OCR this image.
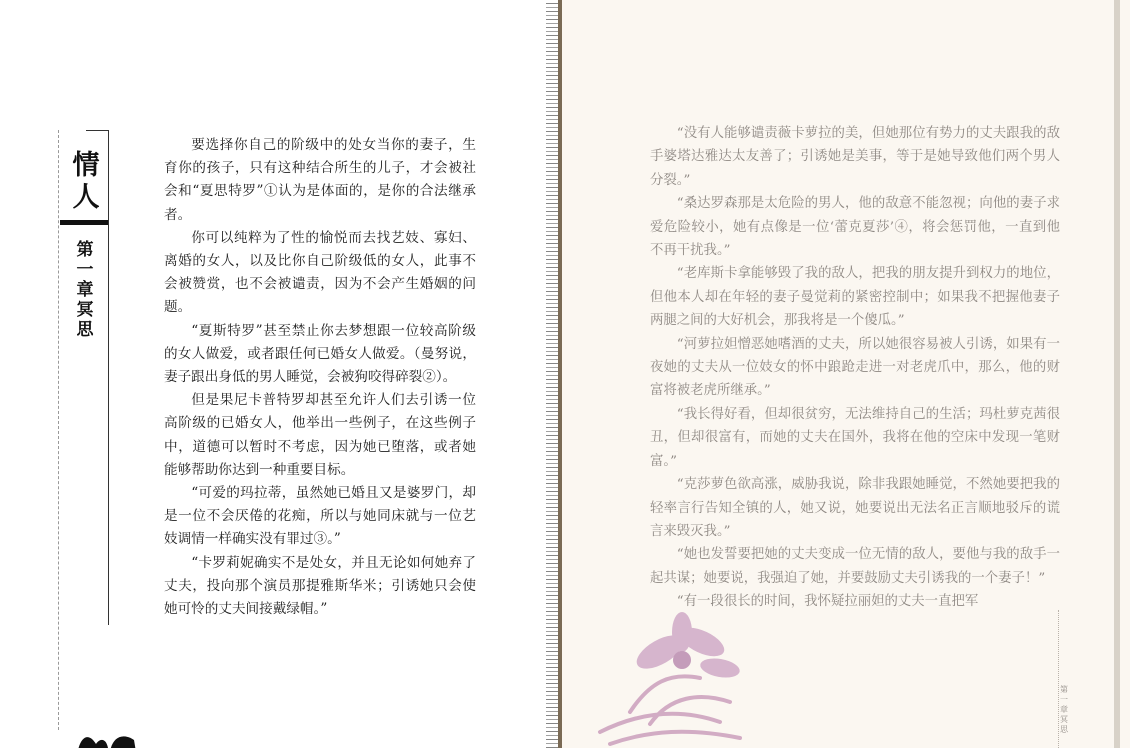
情人
第一章 冥思

要选择你自己的阶级中的处女当你的妻子，生育你的孩子，只有这种结合所生的儿子，才会被社会和“夏思特罗”①认为是体面的，是你的合法继承者。

你可以纯粹为了性的愉悦而去找艺妓、寡妇、离婚的女人，以及比你自己阶级低的女人，此事不会被赞赏，也不会被谴责，因为不会产生婚姻的问题。

“夏斯特罗”甚至禁止你去梦想跟一位较高阶级的女人做爱，或者跟任何已婚女人做爱。（曼努说，妻子跟出身低的男人睡觉，会被狗咬得碎裂②）。

但是果尼卡普特罗却甚至允许人们去引诱一位高阶级的已婚女人，他举出一些例子，在这些例子中，道德可以暂时不考虑，因为她已堕落，或者她能够帮助你达到一种重要目标。

“可爱的玛拉蒂，虽然她已婚且又是婆罗门，却是一位不会厌倦的花痴，所以与她同床就与一位艺妓调情一样确实没有罪过③。”

“卡罗莉妮确实不是处女，并且无论如何她弃了丈夫，投向那个演员那提雅斯华米；引诱她只会使她可怜的丈夫间接戴绿帽。”

“没有人能够谴责薇卡萝拉的美，但她那位有势力的丈夫跟我的敌手婆塔达雅达太友善了；引诱她是美事，等于是她导致他们两个男人分裂。”

“桑达罗森那是太危险的男人，他的敌意不能忽视；向他的妻子求爱危险较小，她有点像是一位‘蕾克夏莎’④，将会惩罚他，一直到他不再干扰我。”

“老库斯卡拿能够毁了我的敌人，把我的朋友提升到权力的地位，但他本人却在年轻的妻子曼觉莉的紧密控制中；如果我不把握他妻子两腿之间的大好机会，那我将是一个傻瓜。”

“河萝拉妲憎恶她嗜酒的丈夫，所以她很容易被人引诱，如果有一夜她的丈夫从一位妓女的怀中踉跄走进一对老虎爪中，那么，他的财富将被老虎所继承。”

“我长得好看，但却很贫穷，无法维持自己的生活；玛杜萝克茜很丑，但却很富有，而她的丈夫在国外，我将在他的空床中发现一笔财富。”

“克莎萝色欲高涨，威胁我说，除非我跟她睡觉，不然她要把我的轻率言行告知全镇的人，她又说，她要说出无法名正言顺地驳斥的谎言来毁灭我。”

“她也发誓要把她的丈夫变成一位无情的敌人，要他与我的敌手一起共谋；她要说，我强迫了她，并要鼓励丈夫引诱我的一个妻子！”

“有一段很长的时间，我怀疑拉丽妲的丈夫一直把军

第一章 冥思
